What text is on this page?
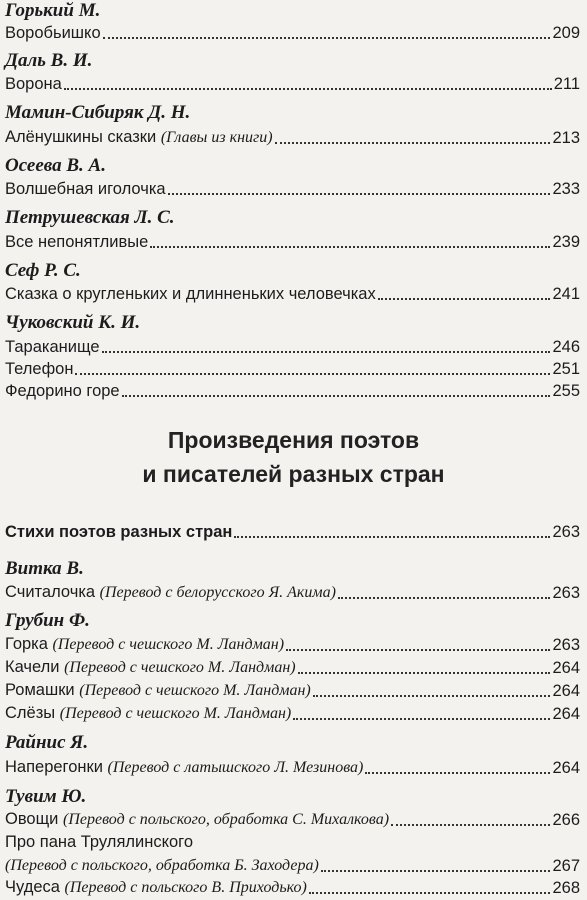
Горький М.
Воробьишко	209
Даль В. И.
Ворона	211
Мамин-Сибиряк Д. Н.
Алёнушкины сказки (Главы из книги)	213
Осеева В. А.
Волшебная иголочка	233
Петрушевская Л. С.
Все непонятливые	239
Сеф Р. С.
Сказка о кругленьких и длинненьких человечках	241
Чуковский К. И.
Тараканище	246
Телефон	251
Федорино горе	255
Произведения поэтов
и писателей разных стран
Стихи поэтов разных стран	263
Витка В.
Считалочка (Перевод с белорусского Я. Акима)	263
Грубин Ф.
Горка (Перевод с чешского М. Ландман)	263
Качели (Перевод с чешского М. Ландман)	264
Ромашки (Перевод с чешского М. Ландман)	264
Слёзы (Перевод с чешского М. Ландман)	264
Райнис Я.
Наперегонки (Перевод с латышского Л. Мезинова)	264
Тувим Ю.
Овощи (Перевод с польского, обработка С. Михалкова)	266
Про пана Трулялинского
(Перевод с польского, обработка Б. Заходера)	267
Чудеса (Перевод с польского В. Приходько)	268
